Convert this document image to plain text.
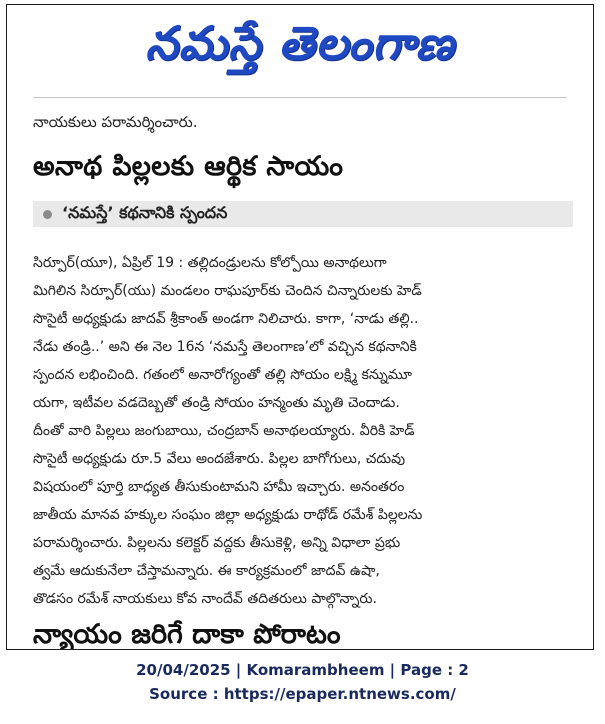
నమస్తే తెలంగాణ
నాయకులు పరామర్శించారు.
అనాథ పిల్లలకు ఆర్థిక సాయం
‘నమస్తే’ కథనానికి స్పందన
సిర్పూర్(యూ), ఏప్రిల్ 19 : తల్లిదండ్రులను కోల్పోయి అనాథలుగా
మిగిలిన సిర్పూర్(యు) మండలం రాఘపూర్‌కు చెందిన చిన్నారులకు హెడ్
సొసైటీ అధ్యక్షుడు జాదవ్ శ్రీకాంత్ అండగా నిలిచారు. కాగా, ‘నాడు తల్లి..
నేడు తండ్రి..’ అని ఈ నెల 16న ‘నమస్తే తెలంగాణ’లో వచ్చిన కథనానికి
స్పందన లభించింది. గతంలో అనారోగ్యంతో తల్లి సోయం లక్ష్మి కన్నుమూ
యగా, ఇటీవల వడదెబ్బతో తండ్రి సోయం హన్మంతు మృతి చెందాడు.
దీంతో వారి పిల్లలు జంగుబాయి, చంద్రబాన్ అనాథలయ్యారు. వీరికి హెడ్
సొసైటీ అధ్యక్షుడు రూ.5 వేలు అందజేశారు. పిల్లల బాగోగులు, చదువు
విషయంలో పూర్తి బాధ్యత తీసుకుంటామని హామీ ఇచ్చారు. అనంతరం
జాతీయ మానవ హక్కుల సంఘం జిల్లా అధ్యక్షుడు రాథోడ్ రమేశ్ పిల్లలను
పరామర్శించారు. పిల్లలను కలెక్టర్ వద్దకు తీసుకెళ్లి, అన్ని విధాలా ప్రభు
త్వమే ఆదుకునేలా చేస్తామన్నారు. ఈ కార్యక్రమంలో జాదవ్ ఉషా,
తొడసం రమేశ్ నాయకులు కోవ నాందేవ్ తదితరులు పాల్గొన్నారు.
న్యాయం జరిగే దాకా పోరాటం
20/04/2025 | Komarambheem | Page : 2
Source : https://epaper.ntnews.com/
